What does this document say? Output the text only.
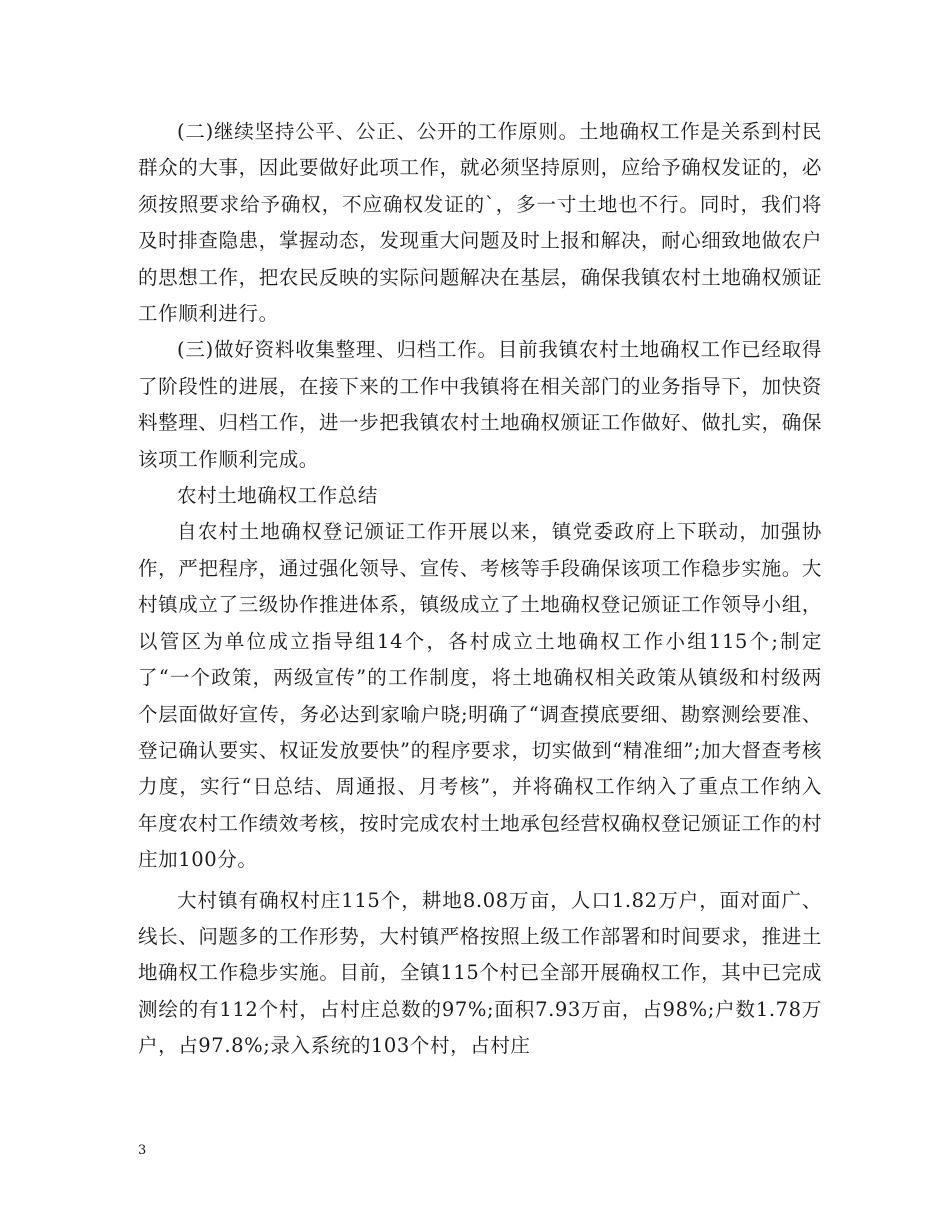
(二)继续坚持公平、公正、公开的工作原则。土地确权工作是关系到村民群众的大事，因此要做好此项工作，就必须坚持原则，应给予确权发证的，必须按照要求给予确权，不应确权发证的`，多一寸土地也不行。同时，我们将及时排查隐患，掌握动态，发现重大问题及时上报和解决，耐心细致地做农户的思想工作，把农民反映的实际问题解决在基层，确保我镇农村土地确权颁证工作顺利进行。

(三)做好资料收集整理、归档工作。目前我镇农村土地确权工作已经取得了阶段性的进展，在接下来的工作中我镇将在相关部门的业务指导下，加快资料整理、归档工作，进一步把我镇农村土地确权颁证工作做好、做扎实，确保该项工作顺利完成。

农村土地确权工作总结

自农村土地确权登记颁证工作开展以来，镇党委政府上下联动，加强协作，严把程序，通过强化领导、宣传、考核等手段确保该项工作稳步实施。大村镇成立了三级协作推进体系，镇级成立了土地确权登记颁证工作领导小组，以管区为单位成立指导组14个，各村成立土地确权工作小组115个;制定了“一个政策，两级宣传”的工作制度，将土地确权相关政策从镇级和村级两个层面做好宣传，务必达到家喻户晓;明确了“调查摸底要细、勘察测绘要准、登记确认要实、权证发放要快”的程序要求，切实做到“精准细”;加大督查考核力度，实行“日总结、周通报、月考核”，并将确权工作纳入了重点工作纳入年度农村工作绩效考核，按时完成农村土地承包经营权确权登记颁证工作的村庄加100分。

大村镇有确权村庄115个，耕地8.08万亩，人口1.82万户，面对面广、线长、问题多的工作形势，大村镇严格按照上级工作部署和时间要求，推进土地确权工作稳步实施。目前，全镇115个村已全部开展确权工作，其中已完成测绘的有112个村，占村庄总数的97%;面积7.93万亩，占98%;户数1.78万户，占97.8%;录入系统的103个村，占村庄

3
